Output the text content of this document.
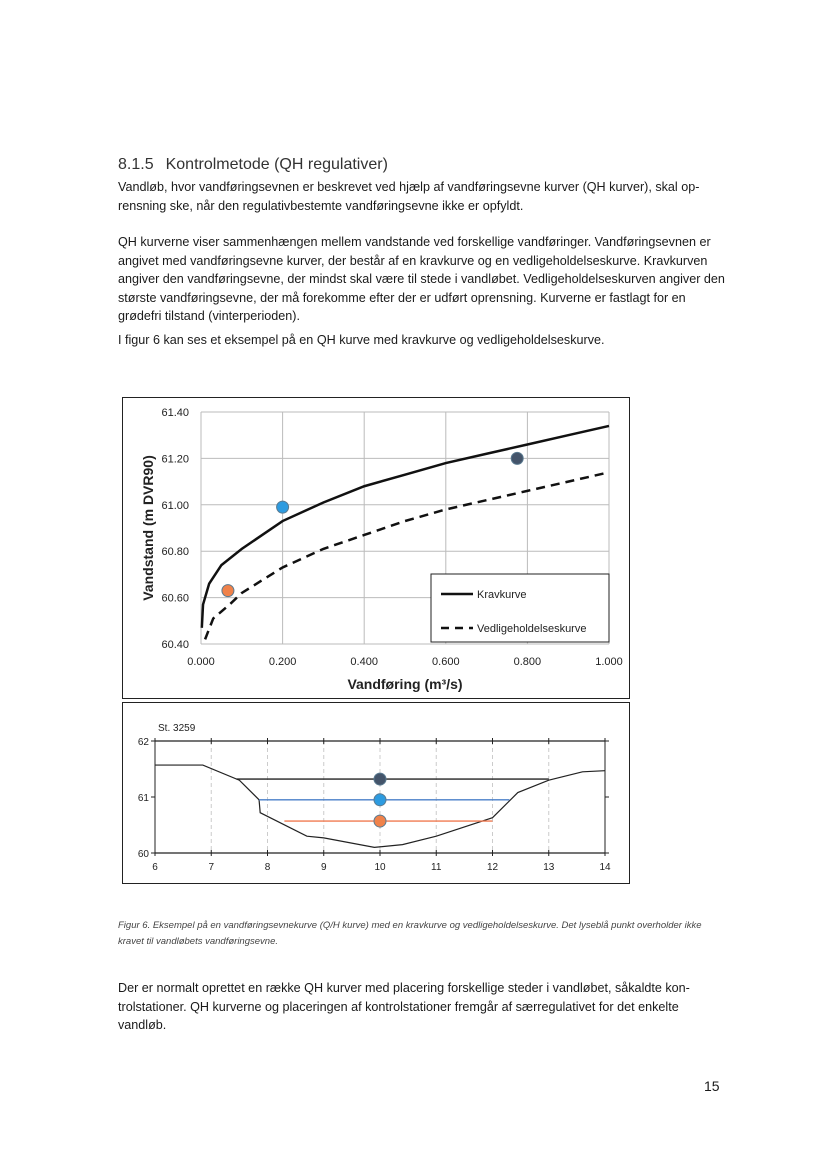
8.1.5 Kontrolmetode (QH regulativer)
Vandløb, hvor vandføringsevnen er beskrevet ved hjælp af vandføringsevne kurver (QH kurver), skal op-rensning ske, når den regulativbestemte vandføringsevne ikke er opfyldt.
QH kurverne viser sammenhængen mellem vandstande ved forskellige vandføringer. Vandføringsevnen er angivet med vandføringsevne kurver, der består af en kravkurve og en vedligeholdelseskurve. Kravkurven angiver den vandføringsevne, der mindst skal være til stede i vandløbet. Vedligeholdelseskurven angiver den største vandføringsevne, der må forekomme efter der er udført oprensning. Kurverne er fastlagt for en grødefri tilstand (vinterperioden).
I figur 6 kan ses et eksempel på en QH kurve med kravkurve og vedligeholdelseskurve.
0.000	0.200	0.400	0.600	0.800	1.000
60.40
60.60
60.80
61.00
61.20
61.40
Vandføring (m³/s)
Vandstand (m DVR90)	Kravkurve
Vedligeholdelseskurve
St. 3259
6	7	8	9	10	11	12	13	14
60
61
62
Figur 6. Eksempel på en vandføringsevnekurve (Q/H kurve) med en kravkurve og vedligeholdelseskurve. Det lyseblå punkt overholder ikke kravet til vandløbets vandføringsevne.
Der er normalt oprettet en række QH kurver med placering forskellige steder i vandløbet, såkaldte kon-trolstationer. QH kurverne og placeringen af kontrolstationer fremgår af særregulativet for det enkelte vandløb.
15
